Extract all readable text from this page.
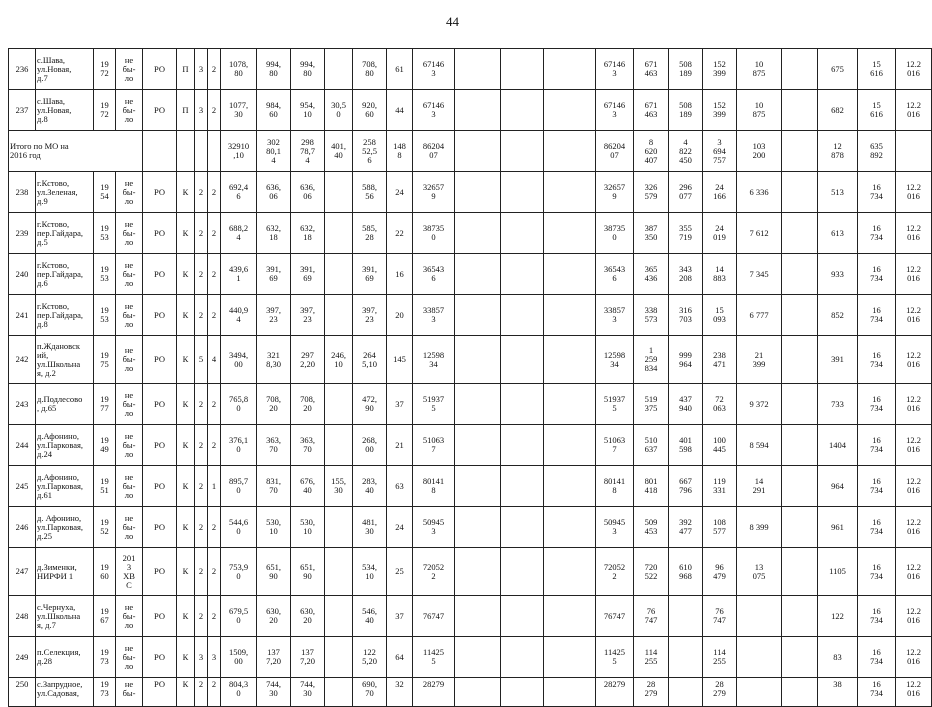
44
236	с.Шава,
ул.Новая,
д.7	19
72	не
бы-
ло	РО	П	3	2	1078,
80	994,
80	994,
80		708,
80	61	67146
3				67146
3	671
463	508
189	152
399	10
875		675	15
616	12.2
016
237	с.Шава,
ул.Новая,
д.8	19
72	не
бы-
ло	РО	П	3	2	1077,
30	984,
60	954,
10	30,5
0	920,
60	44	67146
3				67146
3	671
463	508
189	152
399	10
875		682	15
616	12.2
016
Итого по МО на
2016 год								32910
,10	302
80,1
4	298
78,7
4	401,
40	258
52,5
6	148
8	86204
07				86204
07	8
620
407	4
822
450	3
694
757	103
200		12
878	635
892	
238	г.Кстово,
ул.Зеленая,
д.9	19
54	не
бы-
ло	РО	К	2	2	692,4
6	636,
06	636,
06		588,
56	24	32657
9				32657
9	326
579	296
077	24
166	6 336		513	16
734	12.2
016
239	г.Кстово,
пер.Гайдара,
д.5	19
53	не
бы-
ло	РО	К	2	2	688,2
4	632,
18	632,
18		585,
28	22	38735
0				38735
0	387
350	355
719	24
019	7 612		613	16
734	12.2
016
240	г.Кстово,
пер.Гайдара,
д.6	19
53	не
бы-
ло	РО	К	2	2	439,6
1	391,
69	391,
69		391,
69	16	36543
6				36543
6	365
436	343
208	14
883	7 345		933	16
734	12.2
016
241	г.Кстово,
пер.Гайдара,
д.8	19
53	не
бы-
ло	РО	К	2	2	440,9
4	397,
23	397,
23		397,
23	20	33857
3				33857
3	338
573	316
703	15
093	6 777		852	16
734	12.2
016
242	п.Ждановск
ий,
ул.Школьна
я, д.2	19
75	не
бы-
ло	РО	К	5	4	3494,
00	321
8,30	297
2,20	246,
10	264
5,10	145	12598
34				12598
34	1
259
834	999
964	238
471	21
399		391	16
734	12.2
016
243	д.Подлесово
, д.65	19
77	не
бы-
ло	РО	К	2	2	765,8
0	708,
20	708,
20		472,
90	37	51937
5				51937
5	519
375	437
940	72
063	9 372		733	16
734	12.2
016
244	д.Афонино,
ул.Парковая,
д.24	19
49	не
бы-
ло	РО	К	2	2	376,1
0	363,
70	363,
70		268,
00	21	51063
7				51063
7	510
637	401
598	100
445	8 594		1404	16
734	12.2
016
245	д.Афонино,
ул.Парковая,
д.61	19
51	не
бы-
ло	РО	К	2	1	895,7
0	831,
70	676,
40	155,
30	283,
40	63	80141
8				80141
8	801
418	667
796	119
331	14
291		964	16
734	12.2
016
246	д. Афонино,
ул.Парковая,
д.25	19
52	не
бы-
ло	РО	К	2	2	544,6
0	530,
10	530,
10		481,
30	24	50945
3				50945
3	509
453	392
477	108
577	8 399		961	16
734	12.2
016
247	д.Зименки,
НИРФИ 1	19
60	201
3
ХВ
С	РО	К	2	2	753,9
0	651,
90	651,
90		534,
10	25	72052
2				72052
2	720
522	610
968	96
479	13
075		1105	16
734	12.2
016
248	с.Чернуха,
ул.Школьна
я, д.7	19
67	не
бы-
ло	РО	К	2	2	679,5
0	630,
20	630,
20		546,
40	37	76747				76747	76
747		76
747			122	16
734	12.2
016
249	п.Селекция,
д.28	19
73	не
бы-
ло	РО	К	3	3	1509,
00	137
7,20	137
7,20		122
5,20	64	11425
5				11425
5	114
255		114
255			83	16
734	12.2
016
250	с.Запрудное,
ул.Садовая,	19
73	не
бы-	РО	К	2	2	804,3
0	744,
30	744,
30		690,
70	32	28279				28279	28
279		28
279			38	16
734	12.2
016
